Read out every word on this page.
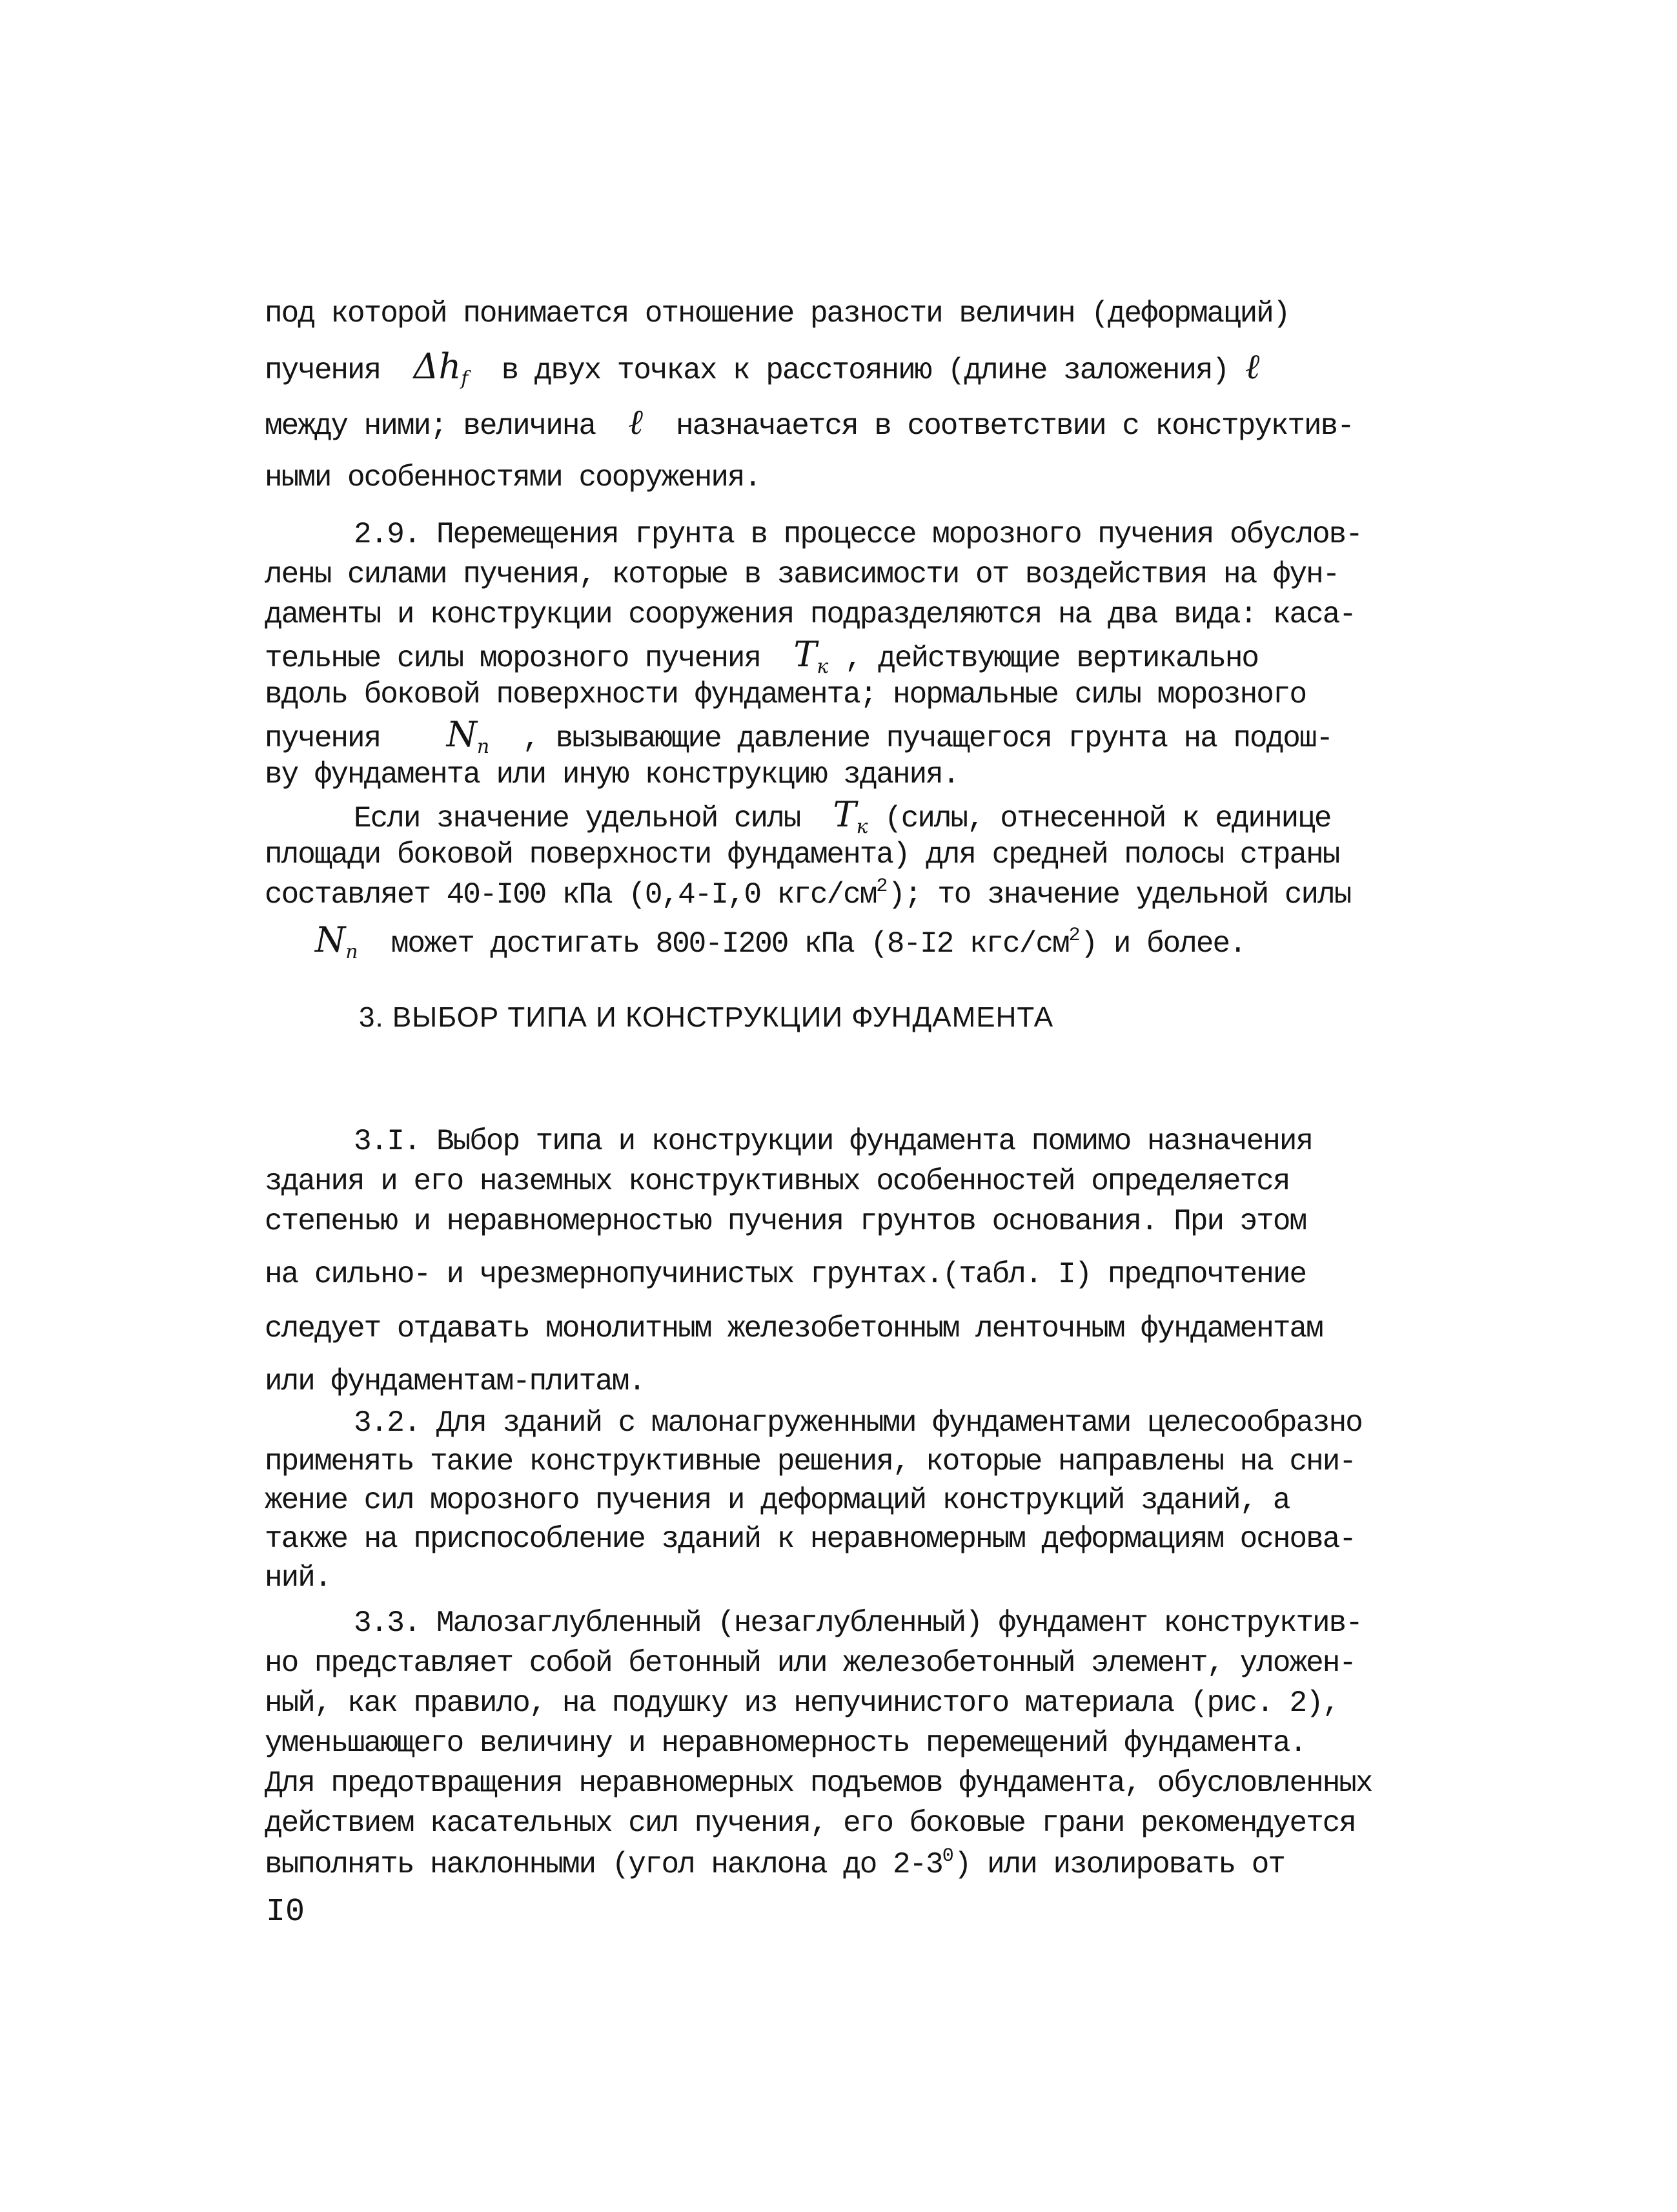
под которой понимается отношение разности величин (деформаций)
пучения $\Delta h_f$ в двух точках к расстоянию (длине заложения) ℓ
между ними; величина ℓ назначается в соответствии с конструктив-
ными особенностями сооружения.
2.9. Перемещения грунта в процессе морозного пучения обуслов-
лены силами пучения, которые в зависимости от воздействия на фун-
даменты и конструкции сооружения подразделяются на два вида: каса-
тельные силы морозного пучения $T_к$ , действующие вертикально
вдоль боковой поверхности фундамента; нормальные силы морозного
пучения $N_n$ , вызывающие давление пучащегося грунта на подош-
ву фундамента или иную конструкцию здания.
Если значение удельной силы $T_к$ (силы, отнесенной к единице
площади боковой поверхности фундамента) для средней полосы страны
составляет 40-I00 кПа (0,4-I,0 кгс/$см^2$); то значение удельной силы
$N_n$ может достигать 800-I200 кПа (8-I2 кгс/$см^2$) и более.
3. ВЫБОР ТИПА И КОНСТРУКЦИИ ФУНДАМЕНТА
3.I. Выбор типа и конструкции фундамента помимо назначения
здания и его наземных конструктивных особенностей определяется
степенью и неравномерностью пучения грунтов основания. При этом
на сильно- и чрезмернопучинистых грунтах.(табл. I) предпочтение
следует отдавать монолитным железобетонным ленточным фундаментам
или фундаментам-плитам.
3.2. Для зданий с малонагруженными фундаментами целесообразно
применять такие конструктивные решения, которые направлены на сни-
жение сил морозного пучения и деформаций конструкций зданий, а
также на приспособление зданий к неравномерным деформациям основа-
ний.
3.3. Малозаглубленный (незаглубленный) фундамент конструктив-
но представляет собой бетонный или железобетонный элемент, уложен-
ный, как правило, на подушку из непучинистого материала (рис. 2),
уменьшающего величину и неравномерность перемещений фундамента.
Для предотвращения неравномерных подъемов фундамента, обусловленных
действием касательных сил пучения, его боковые грани рекомендуется
выполнять наклонными (угол наклона до $2-3^0$) или изолировать от
I0
